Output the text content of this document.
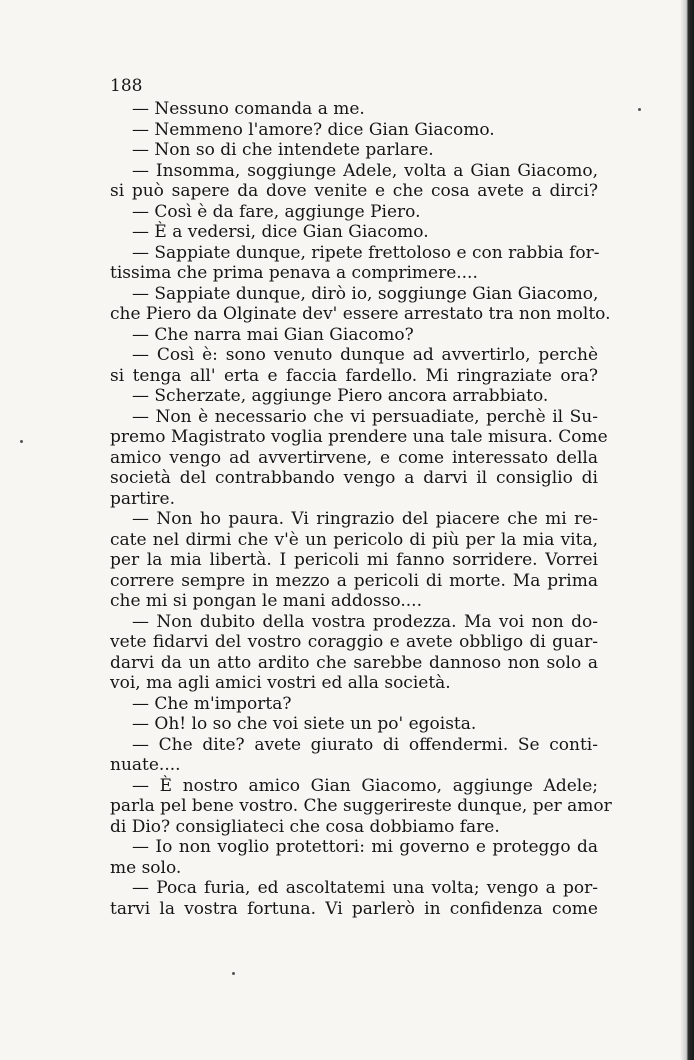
188
— Nessuno comanda a me.
— Nemmeno l'amore? dice Gian Giacomo.
— Non so di che intendete parlare.
— Insomma, soggiunge Adele, volta a Gian Giacomo,
si può sapere da dove venite e che cosa avete a dirci?
— Così è da fare, aggiunge Piero.
— È a vedersi, dice Gian Giacomo.
— Sappiate dunque, ripete frettoloso e con rabbia for-
tissima che prima penava a comprimere....
— Sappiate dunque, dirò io, soggiunge Gian Giacomo,
che Piero da Olginate dev' essere arrestato tra non molto.
— Che narra mai Gian Giacomo?
— Così è: sono venuto dunque ad avvertirlo, perchè
si tenga all' erta e faccia fardello. Mi ringraziate ora?
— Scherzate, aggiunge Piero ancora arrabbiato.
— Non è necessario che vi persuadiate, perchè il Su-
premo Magistrato voglia prendere una tale misura. Come
amico vengo ad avvertirvene, e come interessato della
società del contrabbando vengo a darvi il consiglio di
partire.
— Non ho paura. Vi ringrazio del piacere che mi re-
cate nel dirmi che v'è un pericolo di più per la mia vita,
per la mia libertà. I pericoli mi fanno sorridere. Vorrei
correre sempre in mezzo a pericoli di morte. Ma prima
che mi si pongan le mani addosso....
— Non dubito della vostra prodezza. Ma voi non do-
vete fidarvi del vostro coraggio e avete obbligo di guar-
darvi da un atto ardito che sarebbe dannoso non solo a
voi, ma agli amici vostri ed alla società.
— Che m'importa?
— Oh! lo so che voi siete un po' egoista.
— Che dite? avete giurato di offendermi. Se conti-
nuate....
— È nostro amico Gian Giacomo, aggiunge Adele;
parla pel bene vostro. Che suggerireste dunque, per amor
di Dio? consigliateci che cosa dobbiamo fare.
— Io non voglio protettori: mi governo e proteggo da
me solo.
— Poca furia, ed ascoltatemi una volta; vengo a por-
tarvi la vostra fortuna. Vi parlerò in confidenza come
